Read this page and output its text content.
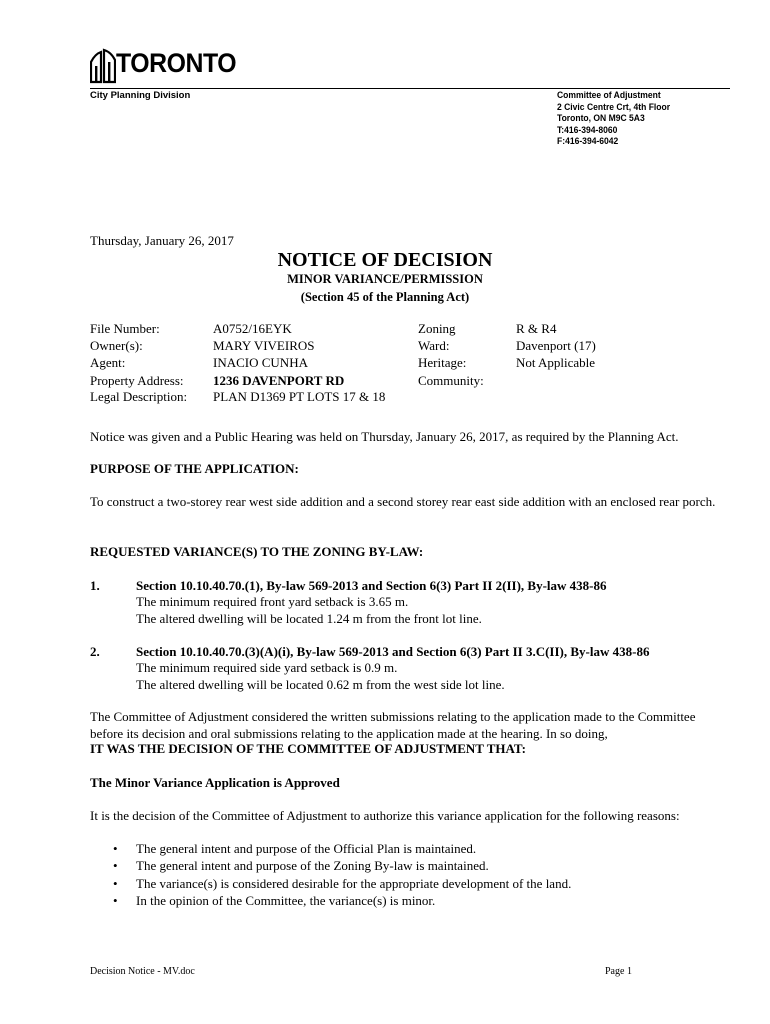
TORONTO
City Planning Division	Committee of Adjustment
2 Civic Centre Crt, 4th Floor
Toronto, ON M9C 5A3
T:416-394-8060
F:416-394-6042
Thursday, January 26, 2017
NOTICE OF DECISION
MINOR VARIANCE/PERMISSION
(Section 45 of the Planning Act)
File Number:	A0752/16EYK
Owner(s):	MARY VIVEIROS
Agent:	INACIO CUNHA
Property Address: 1236 DAVENPORT RD
Legal Description: PLAN D1369 PT LOTS 17 & 18
Zoning	R & R4
Ward:	Davenport (17)
Heritage:	Not Applicable
Community:
Notice was given and a Public Hearing was held on Thursday, January 26, 2017, as required by the Planning Act.
PURPOSE OF THE APPLICATION:
To construct a two-storey rear west side addition and a second storey rear east side addition with an enclosed rear porch.
REQUESTED VARIANCE(S) TO THE ZONING BY-LAW:
1.	Section 10.10.40.70.(1), By-law 569-2013 and Section 6(3) Part II 2(II), By-law 438-86
The minimum required front yard setback is 3.65 m.
The altered dwelling will be located 1.24 m from the front lot line.
2.	Section 10.10.40.70.(3)(A)(i), By-law 569-2013 and Section 6(3) Part II 3.C(II), By-law 438-86
The minimum required side yard setback is 0.9 m.
The altered dwelling will be located 0.62 m from the west side lot line.
The Committee of Adjustment considered the written submissions relating to the application made to the Committee before its decision and oral submissions relating to the application made at the hearing. In so doing,
IT WAS THE DECISION OF THE COMMITTEE OF ADJUSTMENT THAT:
The Minor Variance Application is Approved
It is the decision of the Committee of Adjustment to authorize this variance application for the following reasons:
• The general intent and purpose of the Official Plan is maintained.
• The general intent and purpose of the Zoning By-law is maintained.
• The variance(s) is considered desirable for the appropriate development of the land.
• In the opinion of the Committee, the variance(s) is minor.
Decision Notice - MV.doc	Page 1
